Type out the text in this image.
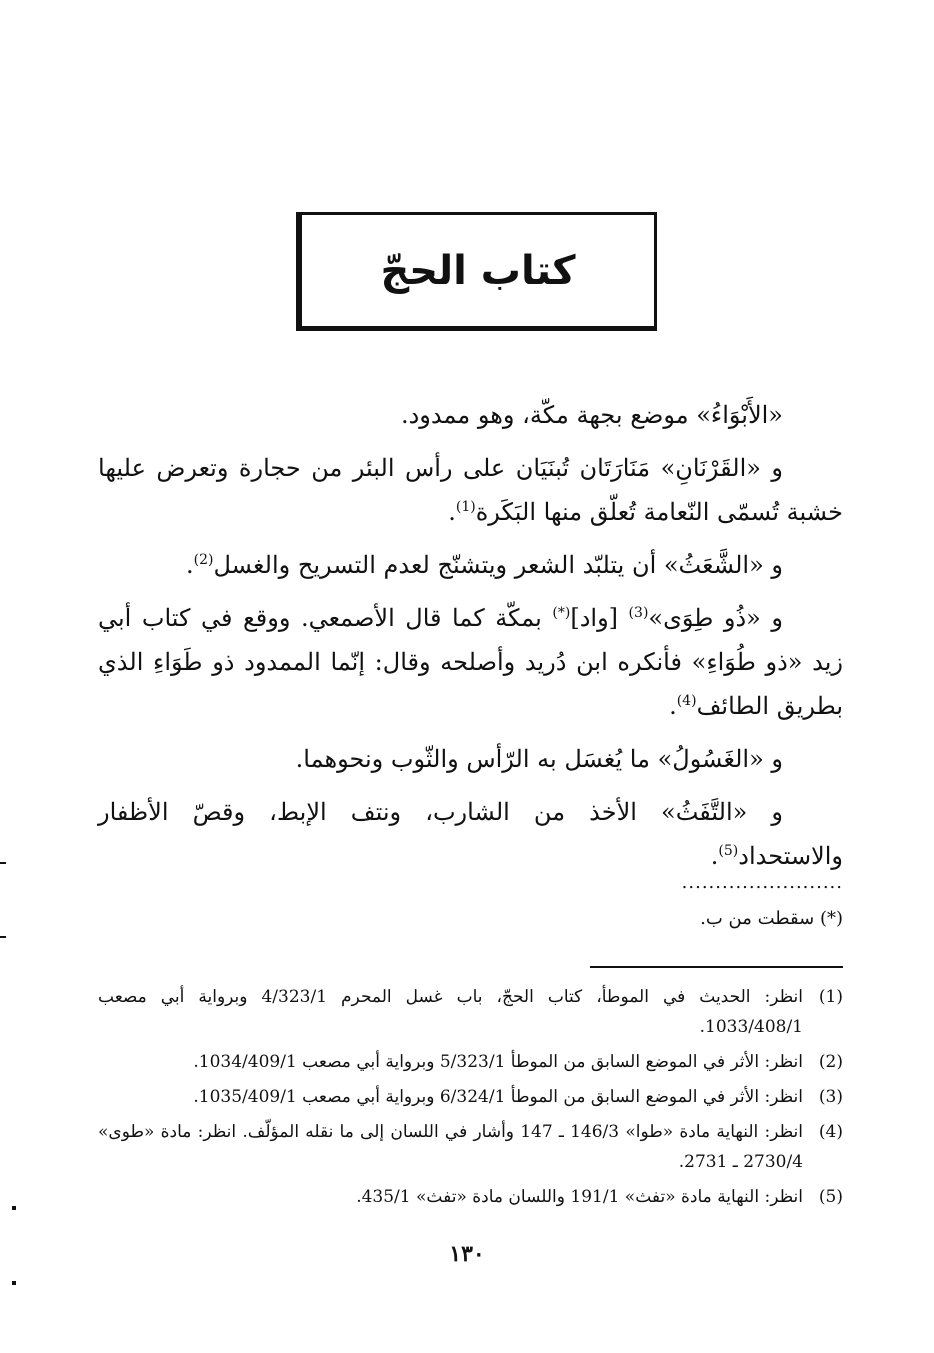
كتاب الحجّ

«الأَبْوَاءُ» موضع بجهة مكّة، وهو ممدود.

و «القَرْنَانِ» مَنَارَتَان تُبنَيَان على رأس البئر من حجارة وتعرض عليها خشبة تُسمّى النّعامة تُعلّق منها البَكَرة$^{(1)}$.

و «الشَّعَثُ» أن يتلبّد الشعر ويتشنّج لعدم التسريح والغسل$^{(2)}$.

و «ذُو طِوَى»$^{(3)}$ [واد](*) بمكّة كما قال الأصمعي. ووقع في كتاب أبي زيد «ذو طُوَاءِ» فأنكره ابن دُريد وأصلحه وقال: إنّما الممدود ذو طَوَاءِ الذي بطريق الطائف$^{(4)}$.

و «الغَسُولُ» ما يُغسَل به الرّأس والثّوب ونحوهما.

و «التَّفَثُ» الأخذ من الشارب، ونتف الإبط، وقصّ الأظفار والاستحداد$^{(5)}$.

........................
(*) سقطت من ب.
(1)
انظر: الحديث في الموطأ، كتاب الحجّ، باب غسل المحرم 4/323/1 وبرواية أبي مصعب 1033/408/1.
(2)
انظر: الأثر في الموضع السابق من الموطأ 5/323/1 وبرواية أبي مصعب 1034/409/1.
(3)
انظر: الأثر في الموضع السابق من الموطأ 6/324/1 وبرواية أبي مصعب 1035/409/1.
(4)
انظر: النهاية مادة «طوا» 146/3 ـ 147 وأشار في اللسان إلى ما نقله المؤلّف. انظر: مادة «طوى» 2730/4 ـ 2731.
(5)
انظر: النهاية مادة «تفث» 191/1 واللسان مادة «تفث» 435/1.
١٣٠
